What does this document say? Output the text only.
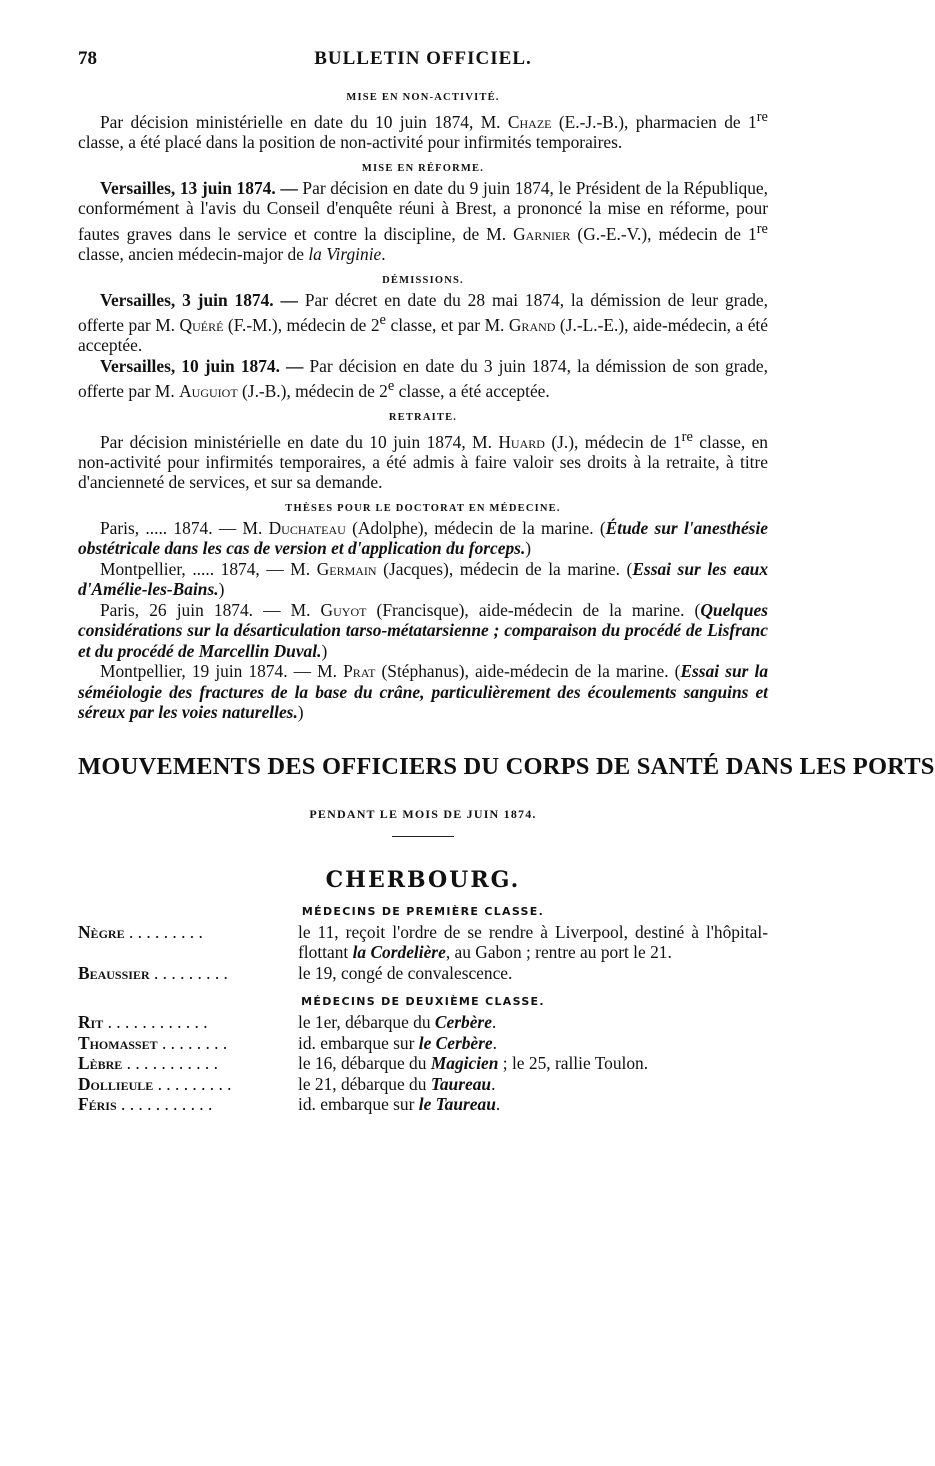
78	BULLETIN OFFICIEL.
MISE EN NON-ACTIVITÉ.

Par décision ministérielle en date du 10 juin 1874, M. Chaze (E.-J.-B.), pharmacien de 1re classe, a été placé dans la position de non-activité pour infirmités temporaires.

MISE EN RÉFORME.

Versailles, 13 juin 1874. — Par décision en date du 9 juin 1874, le Président de la République, conformément à l'avis du Conseil d'enquête réuni à Brest, a prononcé la mise en réforme, pour fautes graves dans le service et contre la discipline, de M. Garnier (G.-E.-V.), médecin de 1re classe, ancien médecin-major de la Virginie.

DÉMISSIONS.

Versailles, 3 juin 1874. — Par décret en date du 28 mai 1874, la démission de leur grade, offerte par M. Quéré (F.-M.), médecin de 2e classe, et par M. Grand (J.-L.-E.), aide-médecin, a été acceptée.

Versailles, 10 juin 1874. — Par décision en date du 3 juin 1874, la démission de son grade, offerte par M. Auguiot (J.-B.), médecin de 2e classe, a été acceptée.

RETRAITE.

Par décision ministérielle en date du 10 juin 1874, M. Huard (J.), médecin de 1re classe, en non-activité pour infirmités temporaires, a été admis à faire valoir ses droits à la retraite, à titre d'ancienneté de services, et sur sa demande.

THÈSES POUR LE DOCTORAT EN MÉDECINE.

Paris, ..... 1874. — M. Duchateau (Adolphe), médecin de la marine. (Étude sur l'anesthésie obstétricale dans les cas de version et d'application du forceps.)

Montpellier, ..... 1874, — M. Germain (Jacques), médecin de la marine. (Essai sur les eaux d'Amélie-les-Bains.)

Paris, 26 juin 1874. — M. Guyot (Francisque), aide-médecin de la marine. (Quelques considérations sur la désarticulation tarso-métatarsienne ; comparaison du procédé de Lisfranc et du procédé de Marcellin Duval.)

Montpellier, 19 juin 1874. — M. Prat (Stéphanus), aide-médecin de la marine. (Essai sur la séméiologie des fractures de la base du crâne, particulièrement des écoulements sanguins et séreux par les voies naturelles.)

MOUVEMENTS DES OFFICIERS DU CORPS DE SANTÉ DANS LES PORTS
PENDANT LE MOIS DE JUIN 1874.
CHERBOURG.
MÉDECINS DE PREMIÈRE CLASSE.
Nègre . . . . . . . . .	le 11, reçoit l'ordre de se rendre à Liverpool, destiné à l'hôpital-flottant la Cordelière, au Gabon ; rentre au port le 21.
Beaussier . . . . . . . . .	le 19, congé de convalescence.
MÉDECINS DE DEUXIÈME CLASSE.
Rit . . . . . . . . . . . .	le 1er, débarque du Cerbère.
Thomasset . . . . . . . .	id. embarque sur le Cerbère.
Lèbre . . . . . . . . . . .	le 16, débarque du Magicien ; le 25, rallie Toulon.
Dollieule . . . . . . . . .	le 21, débarque du Taureau.
Féris . . . . . . . . . . .	id. embarque sur le Taureau.
